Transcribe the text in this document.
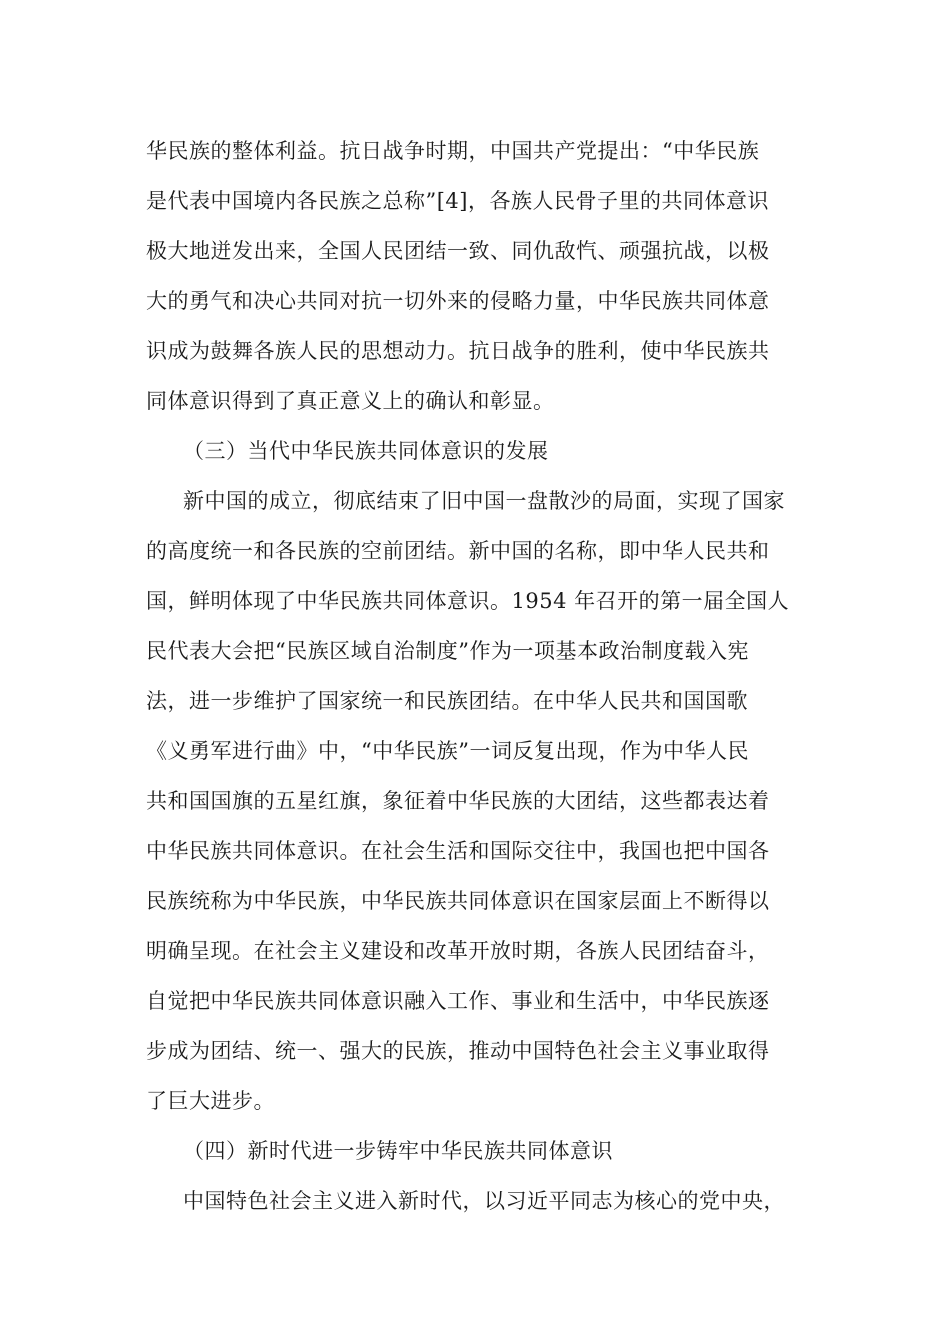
华民族的整体利益。抗日战争时期，中国共产党提出：“中华民族
是代表中国境内各民族之总称”[4]，各族人民骨子里的共同体意识
极大地迸发出来，全国人民团结一致、同仇敌忾、顽强抗战，以极
大的勇气和决心共同对抗一切外来的侵略力量，中华民族共同体意
识成为鼓舞各族人民的思想动力。抗日战争的胜利，使中华民族共
同体意识得到了真正意义上的确认和彰显。
（三）当代中华民族共同体意识的发展
新中国的成立，彻底结束了旧中国一盘散沙的局面，实现了国家
的高度统一和各民族的空前团结。新中国的名称，即中华人民共和
国，鲜明体现了中华民族共同体意识。1954 年召开的第一届全国人
民代表大会把“民族区域自治制度”作为一项基本政治制度载入宪
法，进一步维护了国家统一和民族团结。在中华人民共和国国歌
《义勇军进行曲》中，“中华民族”一词反复出现，作为中华人民
共和国国旗的五星红旗，象征着中华民族的大团结，这些都表达着
中华民族共同体意识。在社会生活和国际交往中，我国也把中国各
民族统称为中华民族，中华民族共同体意识在国家层面上不断得以
明确呈现。在社会主义建设和改革开放时期，各族人民团结奋斗，
自觉把中华民族共同体意识融入工作、事业和生活中，中华民族逐
步成为团结、统一、强大的民族，推动中国特色社会主义事业取得
了巨大进步。
（四）新时代进一步铸牢中华民族共同体意识
中国特色社会主义进入新时代，以习近平同志为核心的党中央，
